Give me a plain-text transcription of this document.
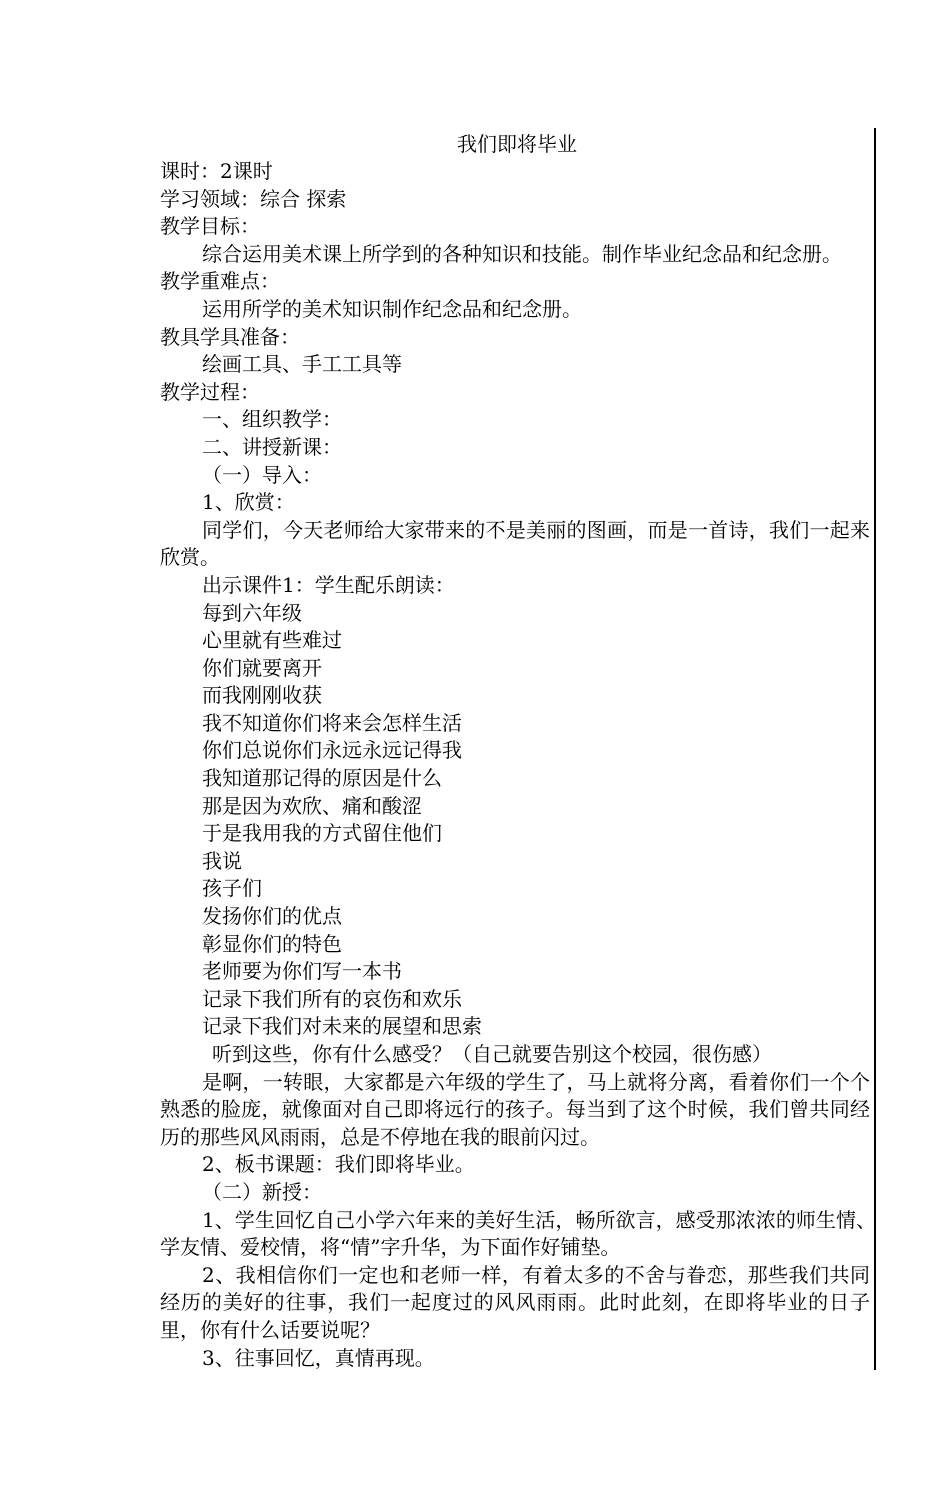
我们即将毕业
课时：2课时
学习领域：综合 探索
教学目标：
综合运用美术课上所学到的各种知识和技能。制作毕业纪念品和纪念册。
教学重难点：
运用所学的美术知识制作纪念品和纪念册。
教具学具准备：
绘画工具、手工工具等
教学过程：
一、组织教学：
二、讲授新课：
（一）导入：
1、欣赏：
同学们，今天老师给大家带来的不是美丽的图画，而是一首诗，我们一起来欣赏。
出示课件1：学生配乐朗读：
每到六年级
心里就有些难过
你们就要离开
而我刚刚收获
我不知道你们将来会怎样生活
你们总说你们永远永远记得我
我知道那记得的原因是什么
那是因为欢欣、痛和酸涩
于是我用我的方式留住他们
我说
孩子们
发扬你们的优点
彰显你们的特色
老师要为你们写一本书
记录下我们所有的哀伤和欢乐
记录下我们对未来的展望和思索
听到这些，你有什么感受？（自己就要告别这个校园，很伤感）
是啊，一转眼，大家都是六年级的学生了，马上就将分离，看着你们一个个熟悉的脸庞，就像面对自己即将远行的孩子。每当到了这个时候，我们曾共同经历的那些风风雨雨，总是不停地在我的眼前闪过。
2、板书课题：我们即将毕业。
（二）新授：
1、学生回忆自己小学六年来的美好生活，畅所欲言，感受那浓浓的师生情、学友情、爱校情，将“情”字升华，为下面作好铺垫。
2、我相信你们一定也和老师一样，有着太多的不舍与眷恋，那些我们共同经历的美好的往事，我们一起度过的风风雨雨。此时此刻，在即将毕业的日子里，你有什么话要说呢？
3、往事回忆，真情再现。
